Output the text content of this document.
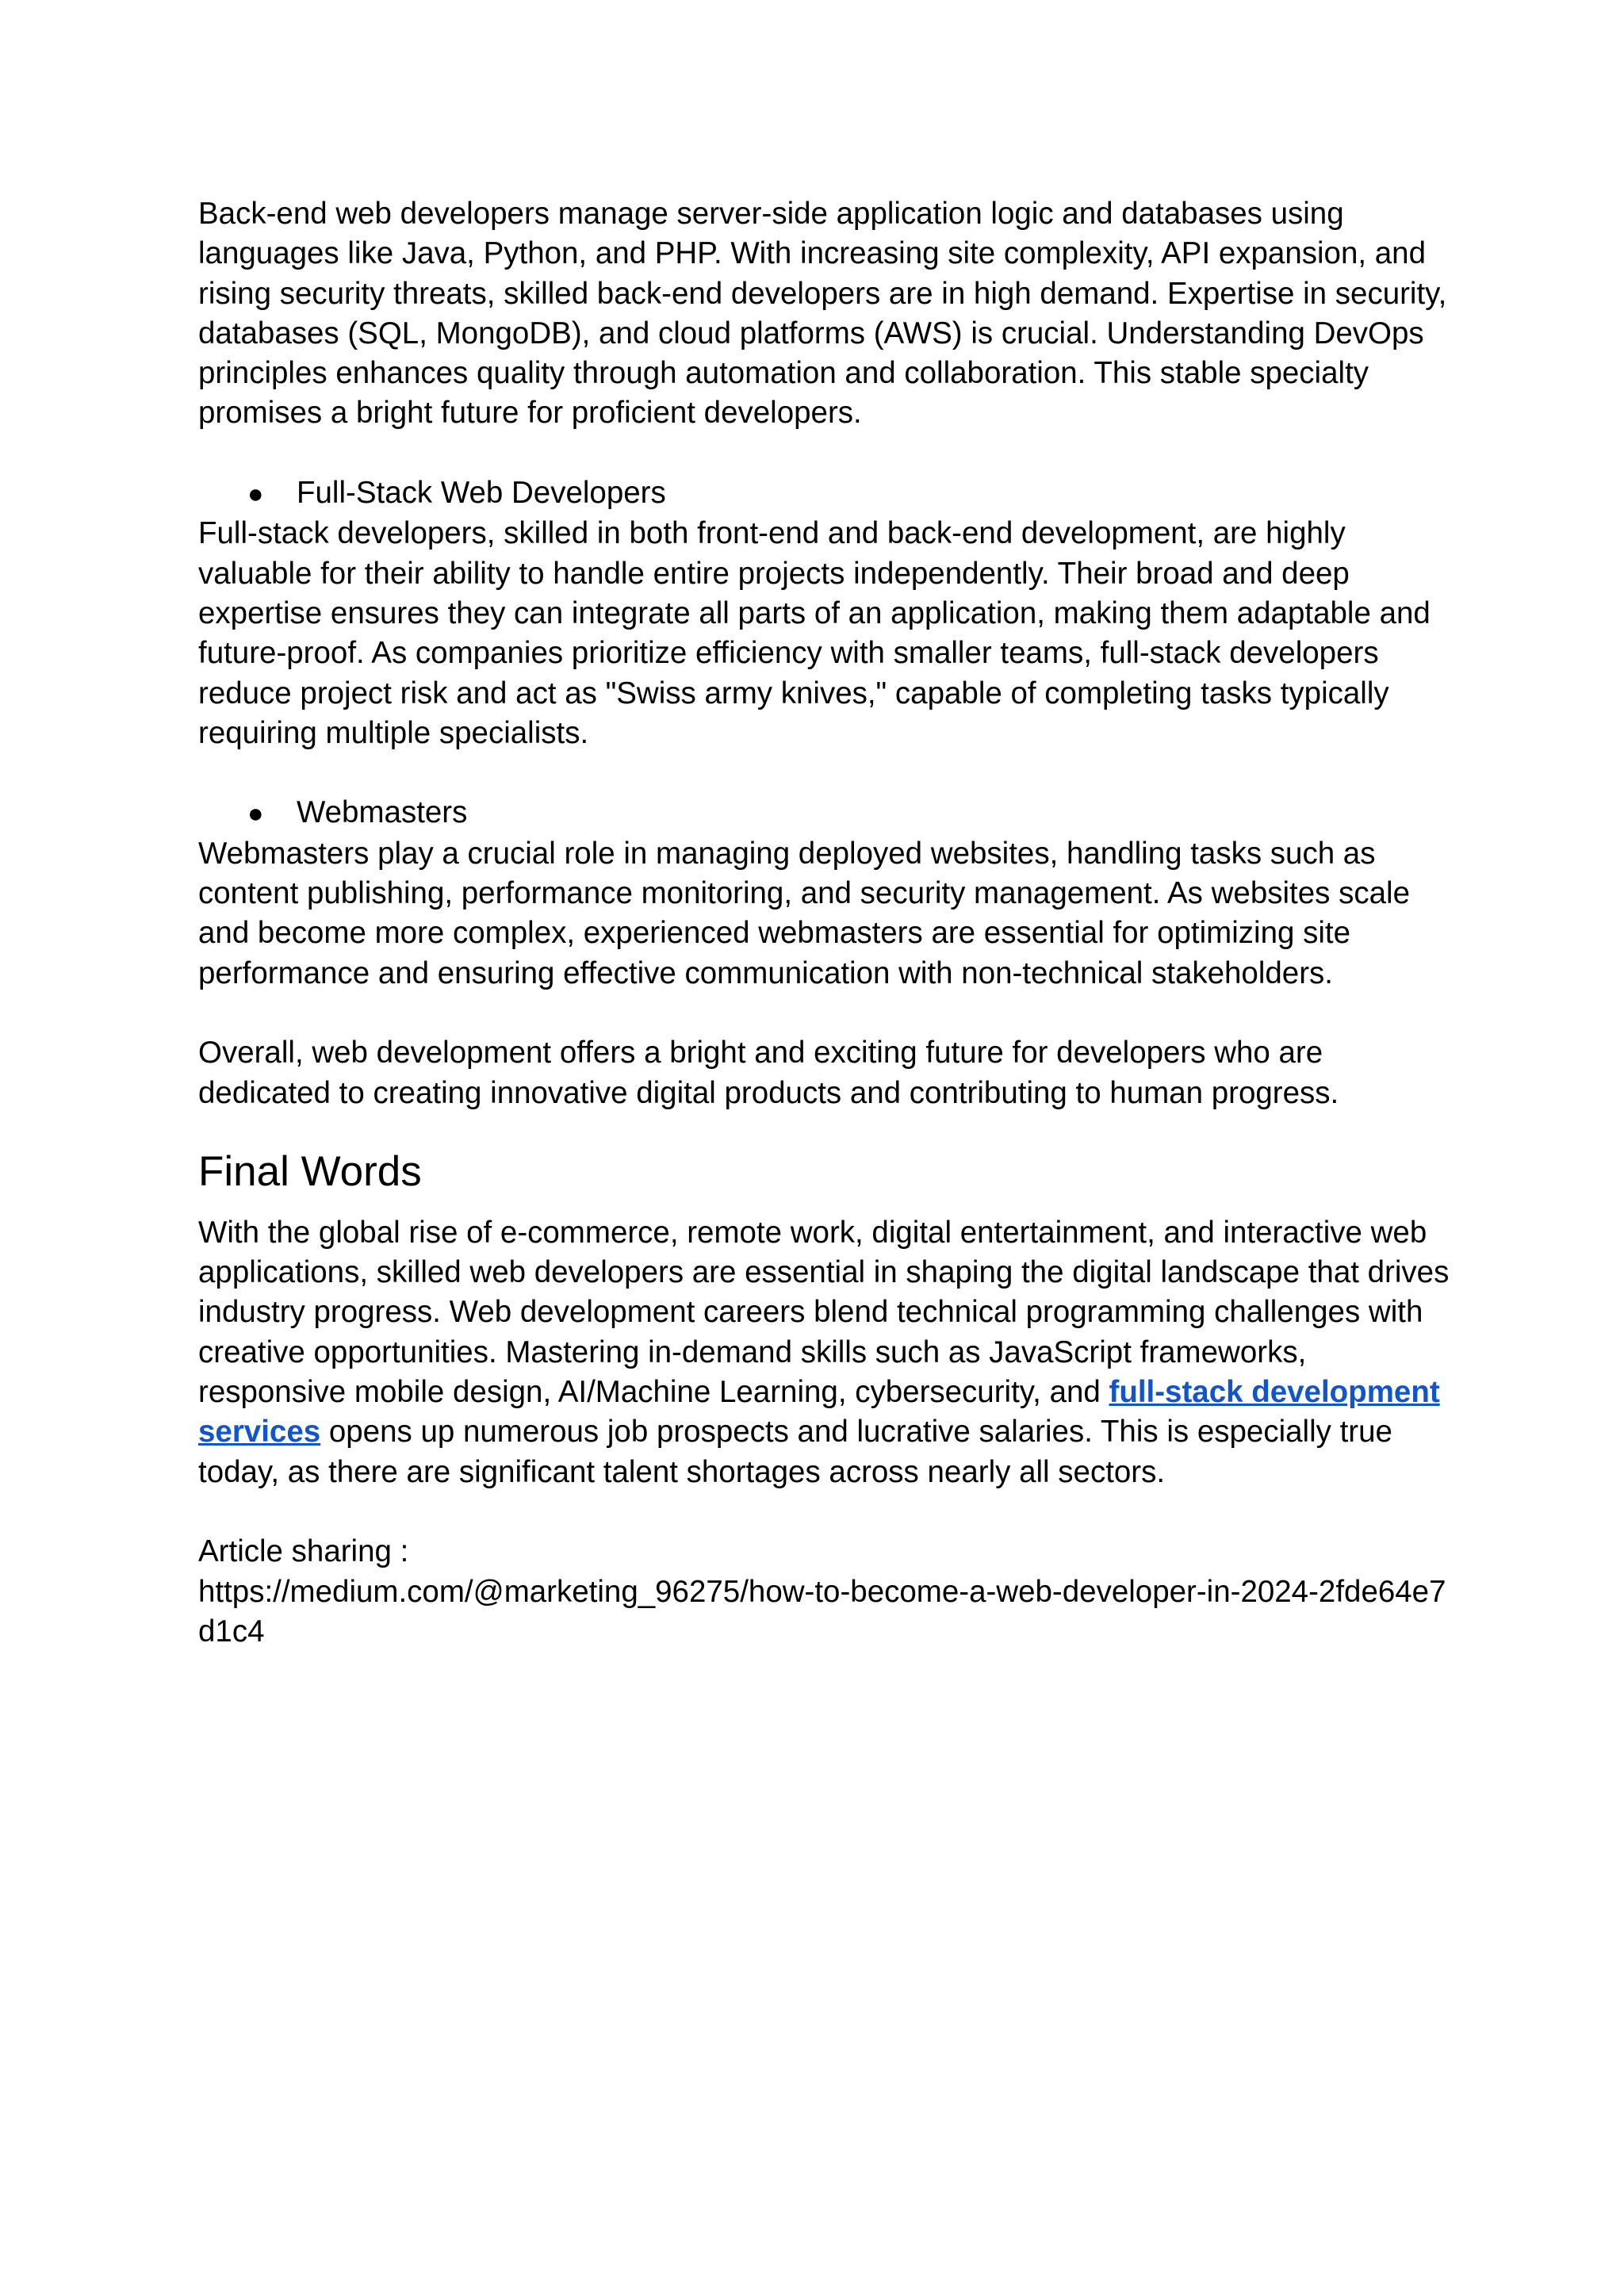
Back-end web developers manage server-side application logic and databases using languages like Java, Python, and PHP. With increasing site complexity, API expansion, and rising security threats, skilled back-end developers are in high demand. Expertise in security, databases (SQL, MongoDB), and cloud platforms (AWS) is crucial. Understanding DevOps principles enhances quality through automation and collaboration. This stable specialty promises a bright future for proficient developers.

●	Full-Stack Web Developers

Full-stack developers, skilled in both front-end and back-end development, are highly valuable for their ability to handle entire projects independently. Their broad and deep expertise ensures they can integrate all parts of an application, making them adaptable and future-proof. As companies prioritize efficiency with smaller teams, full-stack developers reduce project risk and act as "Swiss army knives," capable of completing tasks typically requiring multiple specialists.

●	Webmasters

Webmasters play a crucial role in managing deployed websites, handling tasks such as content publishing, performance monitoring, and security management. As websites scale and become more complex, experienced webmasters are essential for optimizing site performance and ensuring effective communication with non-technical stakeholders.

Overall, web development offers a bright and exciting future for developers who are dedicated to creating innovative digital products and contributing to human progress.

Final Words

With the global rise of e-commerce, remote work, digital entertainment, and interactive web applications, skilled web developers are essential in shaping the digital landscape that drives industry progress. Web development careers blend technical programming challenges with creative opportunities. Mastering in-demand skills such as JavaScript frameworks, responsive mobile design, AI/Machine Learning, cybersecurity, and full-stack development services opens up numerous job prospects and lucrative salaries. This is especially true today, as there are significant talent shortages across nearly all sectors.

Article sharing :

https://medium.com/@marketing_96275/how-to-become-a-web-developer-in-2024-2fde64e7d1c4
